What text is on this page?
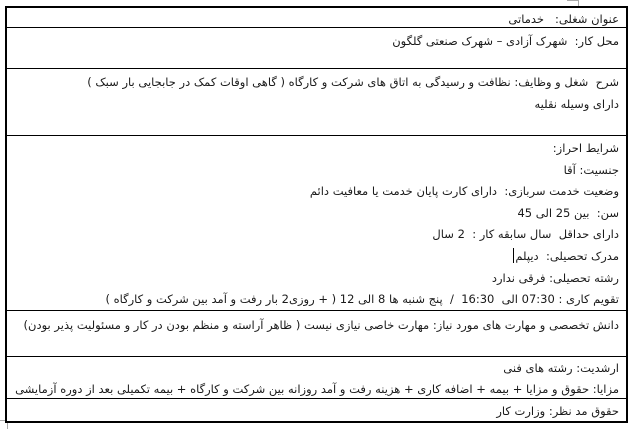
عنوان شغلی:   خدماتی
محل کار:  شهرک آزادی – شهرک صنعتی گلگون
شرح  شغل و وظایف: نظافت و رسیدگی به اتاق های شرکت و کارگاه ( گاهی اوقات کمک در جابجایی بار سبک )
دارای وسیله نقلیه
شرایط احراز:
جنسیت: آقا
وضعیت خدمت سربازی:  دارای کارت پایان خدمت یا معافیت دائم
سن:  بین 25 الی 45
دارای حداقل  سال سابقه کار :  2 سال
مدرک تحصیلی:  دیپلم
رشته تحصیلی: فرقی ندارد
تقویم کاری : 07:30 الی  16:30  /  پنج شنبه ها 8 الی 12 ( + روزی2 بار رفت و آمد بین شرکت و کارگاه )
دانش تخصصی و مهارت های مورد نیاز: مهارت خاصی نیازی نیست ( ظاهر آراسته و منظم بودن در کار و مسئولیت پذیر بودن)
ارشدیت: رشته های فنی
مزایا: حقوق و مزایا + بیمه + اضافه کاری + هزینه رفت و آمد روزانه بین شرکت و کارگاه + بیمه تکمیلی بعد از دوره آزمایشی
حقوق مد نظر: وزارت کار
